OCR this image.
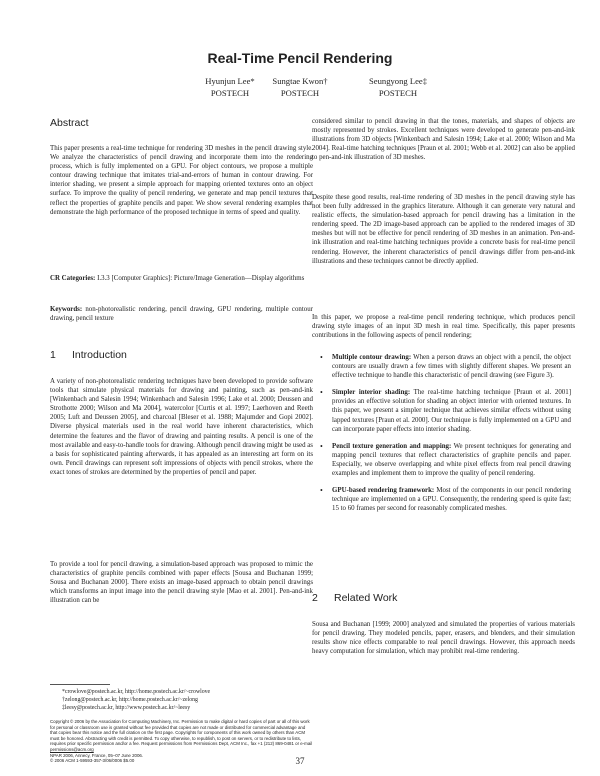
Real-Time Pencil Rendering
Hyunjun Lee*
POSTECH
Sungtae Kwon†
POSTECH
Seungyong Lee‡
POSTECH
Abstract

This paper presents a real-time technique for rendering 3D meshes in the pencil drawing style. We analyze the characteristics of pencil drawing and incorporate them into the rendering process, which is fully implemented on a GPU. For object contours, we propose a multiple contour drawing technique that imitates trial-and-errors of human in contour drawing. For interior shading, we present a simple approach for mapping oriented textures onto an object surface. To improve the quality of pencil rendering, we generate and map pencil textures that reflect the properties of graphite pencils and paper. We show several rendering examples that demonstrate the high performance of the proposed technique in terms of speed and quality.

CR Categories: I.3.3 [Computer Graphics]: Picture/Image Generation—Display algorithms

Keywords: non-photorealistic rendering, pencil drawing, GPU rendering, multiple contour drawing, pencil texture

1 Introduction

A variety of non-photorealistic rendering techniques have been developed to provide software tools that simulate physical materials for drawing and painting, such as pen-and-ink [Winkenbach and Salesin 1994; Winkenbach and Salesin 1996; Lake et al. 2000; Deussen and Strothotte 2000; Wilson and Ma 2004], watercolor [Curtis et al. 1997; Laerhoven and Reeth 2005; Luft and Deussen 2005], and charcoal [Bleser et al. 1988; Majumder and Gopi 2002]. Diverse physical materials used in the real world have inherent characteristics, which determine the features and the flavor of drawing and painting results. A pencil is one of the most available and easy-to-handle tools for drawing. Although pencil drawing might be used as a basis for sophisticated painting afterwards, it has appealed as an interesting art form on its own. Pencil drawings can represent soft impressions of objects with pencil strokes, where the exact tones of strokes are determined by the properties of pencil and paper.

To provide a tool for pencil drawing, a simulation-based approach was proposed to mimic the characteristics of graphite pencils combined with paper effects [Sousa and Buchanan 1999; Sousa and Buchanan 2000]. There exists an image-based approach to obtain pencil drawings which transforms an input image into the pencil drawing style [Mao et al. 2001]. Pen-and-ink illustration can be

*crowlove@postech.ac.kr, http://home.postech.ac.kr/~crowlove
†zelong@postech.ac.kr, http://home.postech.ac.kr/~zelong
‡leesy@postech.ac.kr, http://www.postech.ac.kr/~leesy
Copyright © 2006 by the Association for Computing Machinery, Inc. Permission to make digital or hard copies of part or all of this work for personal or classroom use is granted without fee provided that copies are not made or distributed for commercial advantage and that copies bear this notice and the full citation on the first page. Copyrights for components of this work owned by others than ACM must be honored. Abstracting with credit is permitted. To copy otherwise, to republish, to post on servers, or to redistribute to lists, requires prior specific permission and/or a fee. Request permissions from Permissions Dept, ACM Inc., fax +1 (212) 869-0481 or e-mail permissions@acm.org
NPAR 2006, Annecy, France, 05–07 June 2006.
© 2006 ACM 1-59593-357-3/06/0006 $5.00

considered similar to pencil drawing in that the tones, materials, and shapes of objects are mostly represented by strokes. Excellent techniques were developed to generate pen-and-ink illustrations from 3D objects [Winkenbach and Salesin 1994; Lake et al. 2000; Wilson and Ma 2004]. Real-time hatching techniques [Praun et al. 2001; Webb et al. 2002] can also be applied to pen-and-ink illustration of 3D meshes.

Despite these good results, real-time rendering of 3D meshes in the pencil drawing style has not been fully addressed in the graphics literature. Although it can generate very natural and realistic effects, the simulation-based approach for pencil drawing has a limitation in the rendering speed. The 2D image-based approach can be applied to the rendered images of 3D meshes but will not be effective for pencil rendering of 3D meshes in an animation. Pen-and-ink illustration and real-time hatching techniques provide a concrete basis for real-time pencil rendering. However, the inherent characteristics of pencil drawings differ from pen-and-ink illustrations and these techniques cannot be directly applied.

In this paper, we propose a real-time pencil rendering technique, which produces pencil drawing style images of an input 3D mesh in real time. Specifically, this paper presents contributions in the following aspects of pencil rendering;

• Multiple contour drawing: When a person draws an object with a pencil, the object contours are usually drawn a few times with slightly different shapes. We present an effective technique to handle this characteristic of pencil drawing (see Figure 3).
• Simpler interior shading: The real-time hatching technique [Praun et al. 2001] provides an effective solution for shading an object interior with oriented textures. In this paper, we present a simpler technique that achieves similar effects without using lapped textures [Praun et al. 2000]. Our technique is fully implemented on a GPU and can incorporate paper effects into interior shading.
• Pencil texture generation and mapping: We present techniques for generating and mapping pencil textures that reflect characteristics of graphite pencils and paper. Especially, we observe overlapping and white pixel effects from real pencil drawing examples and implement them to improve the quality of pencil rendering.
• GPU-based rendering framework: Most of the components in our pencil rendering technique are implemented on a GPU. Consequently, the rendering speed is quite fast; 15 to 60 frames per second for reasonably complicated meshes.
2 Related Work

Sousa and Buchanan [1999; 2000] analyzed and simulated the properties of various materials for pencil drawing. They modeled pencils, paper, erasers, and blenders, and their simulation results show nice effects comparable to real pencil drawings. However, this approach needs heavy computation for simulation, which may prohibit real-time rendering.

37
